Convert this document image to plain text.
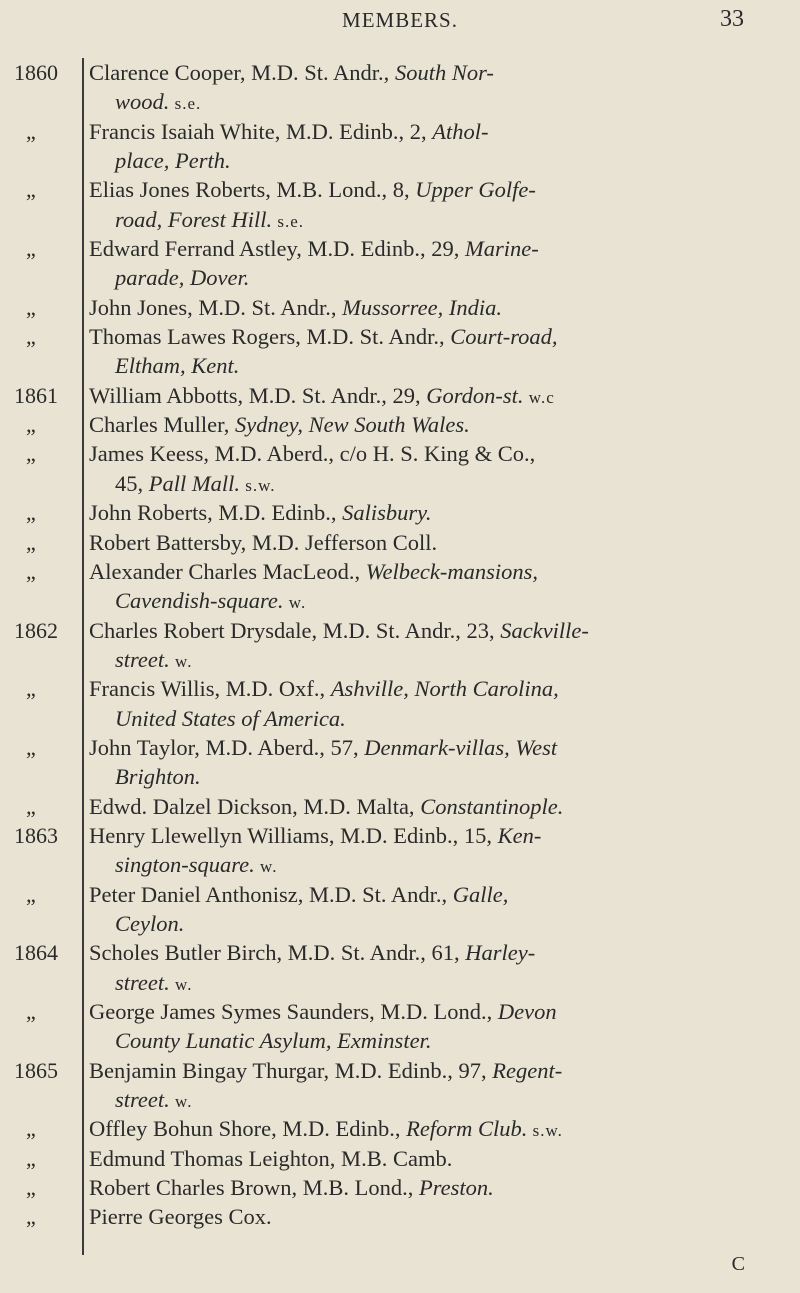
MEMBERS.	33
1860
„
„
„
„
„
1861
„
„
„
„
„
1862
„
„
„
1863
„
1864
„
1865
„
„
„
„
Clarence Cooper, M.D. St. Andr., South Nor-
wood. s.e.
Francis Isaiah White, M.D. Edinb., 2, Athol-
place, Perth.
Elias Jones Roberts, M.B. Lond., 8, Upper Golfe-
road, Forest Hill. s.e.
Edward Ferrand Astley, M.D. Edinb., 29, Marine-
parade, Dover.
John Jones, M.D. St. Andr., Mussorree, India.
Thomas Lawes Rogers, M.D. St. Andr., Court-road,
Eltham, Kent.
William Abbotts, M.D. St. Andr., 29, Gordon-st. w.c
Charles Muller, Sydney, New South Wales.
James Keess, M.D. Aberd., c/o H. S. King & Co.,
45, Pall Mall. s.w.
John Roberts, M.D. Edinb., Salisbury.
Robert Battersby, M.D. Jefferson Coll.
Alexander Charles MacLeod., Welbeck-mansions,
Cavendish-square. w.
Charles Robert Drysdale, M.D. St. Andr., 23, Sackville-
street. w.
Francis Willis, M.D. Oxf., Ashville, North Carolina,
United States of America.
John Taylor, M.D. Aberd., 57, Denmark-villas, West
Brighton.
Edwd. Dalzel Dickson, M.D. Malta, Constantinople.
Henry Llewellyn Williams, M.D. Edinb., 15, Ken-
sington-square. w.
Peter Daniel Anthonisz, M.D. St. Andr., Galle,
Ceylon.
Scholes Butler Birch, M.D. St. Andr., 61, Harley-
street. w.
George James Symes Saunders, M.D. Lond., Devon
County Lunatic Asylum, Exminster.
Benjamin Bingay Thurgar, M.D. Edinb., 97, Regent-
street. w.
Offley Bohun Shore, M.D. Edinb., Reform Club. s.w.
Edmund Thomas Leighton, M.B. Camb.
Robert Charles Brown, M.B. Lond., Preston.
Pierre Georges Cox.
C
